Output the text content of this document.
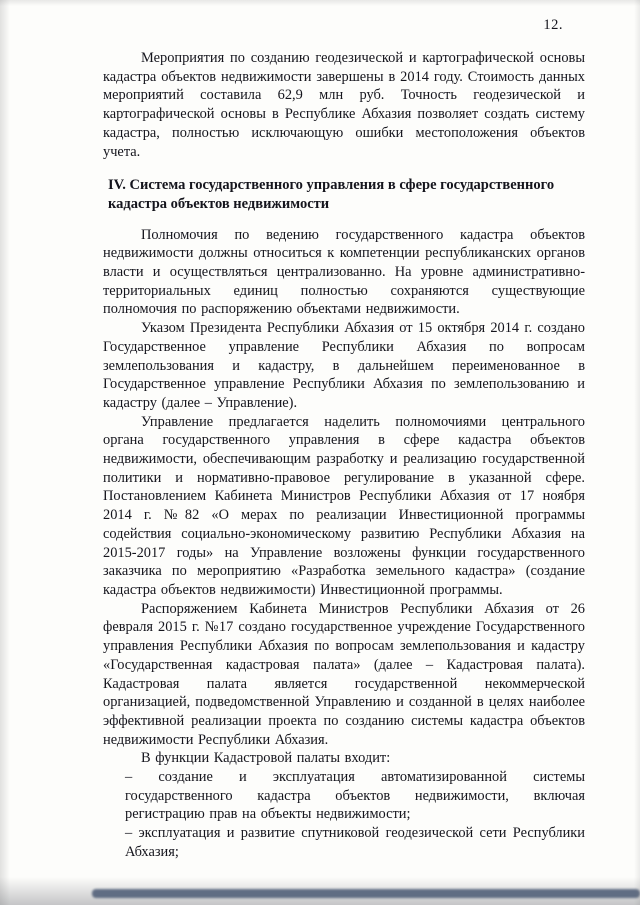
12.

Мероприятия по созданию геодезической и картографической основы кадастра объектов недвижимости завершены в 2014 году. Стоимость данных мероприятий составила 62,9 млн руб. Точность геодезической и картографической основы в Республике Абхазия позволяет создать систему кадастра, полностью исключающую ошибки местоположения объектов учета.

IV. Система государственного управления в сфере государственного кадастра объектов недвижимости

Полномочия по ведению государственного кадастра объектов недвижимости должны относиться к компетенции республиканских органов власти и осуществляться централизованно. На уровне административно-территориальных единиц полностью сохраняются существующие полномочия по распоряжению объектами недвижимости.

Указом Президента Республики Абхазия от 15 октября 2014 г. создано Государственное управление Республики Абхазия по вопросам землепользования и кадастру, в дальнейшем переименованное в Государственное управление Республики Абхазия по землепользованию и кадастру (далее – Управление).

Управление предлагается наделить полномочиями центрального органа государственного управления в сфере кадастра объектов недвижимости, обеспечивающим разработку и реализацию государственной политики и нормативно-правовое регулирование в указанной сфере. Постановлением Кабинета Министров Республики Абхазия от 17 ноября 2014 г. №82 «О мерах по реализации Инвестиционной программы содействия социально-экономическому развитию Республики Абхазия на 2015-2017 годы» на Управление возложены функции государственного заказчика по мероприятию «Разработка земельного кадастра» (создание кадастра объектов недвижимости) Инвестиционной программы.

Распоряжением Кабинета Министров Республики Абхазия от 26 февраля 2015 г. №17 создано государственное учреждение Государственного управления Республики Абхазия по вопросам землепользования и кадастру «Государственная кадастровая палата» (далее – Кадастровая палата). Кадастровая палата является государственной некоммерческой организацией, подведомственной Управлению и созданной в целях наиболее эффективной реализации проекта по созданию системы кадастра объектов недвижимости Республики Абхазия.

В функции Кадастровой палаты входит:

– создание и эксплуатация автоматизированной системы государственного кадастра объектов недвижимости, включая регистрацию прав на объекты недвижимости;

– эксплуатация и развитие спутниковой геодезической сети Республики Абхазия;
